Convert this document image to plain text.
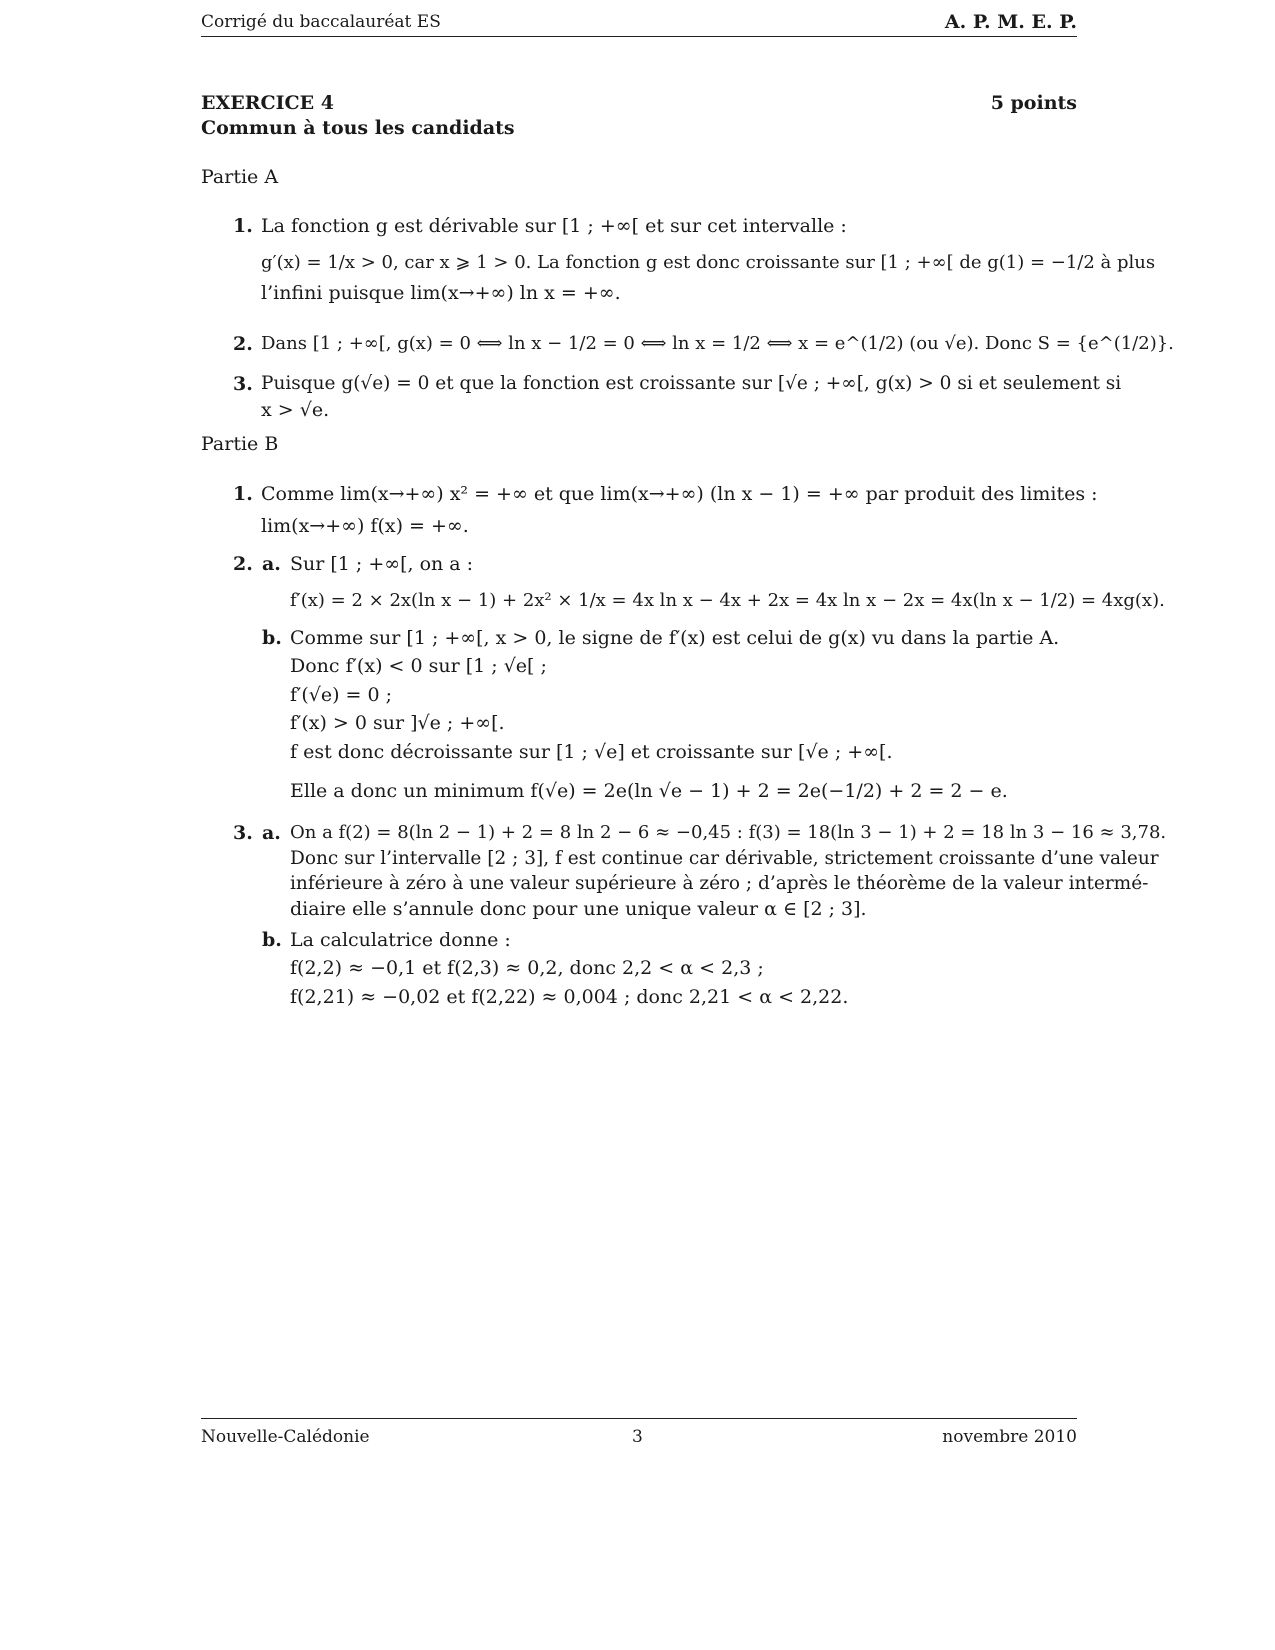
Corrigé du baccalauréat ES	A. P. M. E. P.
EXERCICE 4	5 points
Commun à tous les candidats
Partie A
1. La fonction g est dérivable sur [1 ; +∞[ et sur cet intervalle :
g′(x) = 1/x > 0, car x ⩾ 1 > 0. La fonction g est donc croissante sur [1 ; +∞[ de g(1) = −1/2 à plus
l’infini puisque lim(x→+∞) ln x = +∞.
2. Dans [1 ; +∞[, g(x) = 0 ⟺ ln x − 1/2 = 0 ⟺ ln x = 1/2 ⟺ x = e^(1/2) (ou √e). Donc S = {e^(1/2)}.
3. Puisque g(√e) = 0 et que la fonction est croissante sur [√e ; +∞[, g(x) > 0 si et seulement si
x > √e.
Partie B
1. Comme lim(x→+∞) x² = +∞ et que lim(x→+∞) (ln x − 1) = +∞ par produit des limites :
lim(x→+∞) f(x) = +∞.
2. a. Sur [1 ; +∞[, on a :
f′(x) = 2 × 2x(ln x − 1) + 2x² × 1/x = 4x ln x − 4x + 2x = 4x ln x − 2x = 4x(ln x − 1/2) = 4xg(x).
b. Comme sur [1 ; +∞[, x > 0, le signe de f′(x) est celui de g(x) vu dans la partie A.
Donc f′(x) < 0 sur [1 ; √e[ ;
f′(√e) = 0 ;
f′(x) > 0 sur ]√e ; +∞[.
f est donc décroissante sur [1 ; √e] et croissante sur [√e ; +∞[.
Elle a donc un minimum f(√e) = 2e(ln √e − 1) + 2 = 2e(−1/2) + 2 = 2 − e.
3. a. On a f(2) = 8(ln 2 − 1) + 2 = 8 ln 2 − 6 ≈ −0,45 : f(3) = 18(ln 3 − 1) + 2 = 18 ln 3 − 16 ≈ 3,78.
Donc sur l’intervalle [2 ; 3], f est continue car dérivable, strictement croissante d’une valeur
inférieure à zéro à une valeur supérieure à zéro ; d’après le théorème de la valeur intermé-
diaire elle s’annule donc pour une unique valeur α ∈ [2 ; 3].
b. La calculatrice donne :
f(2,2) ≈ −0,1 et f(2,3) ≈ 0,2, donc 2,2 < α < 2,3 ;
f(2,21) ≈ −0,02 et f(2,22) ≈ 0,004 ; donc 2,21 < α < 2,22.
Nouvelle-Calédonie	3	novembre 2010
